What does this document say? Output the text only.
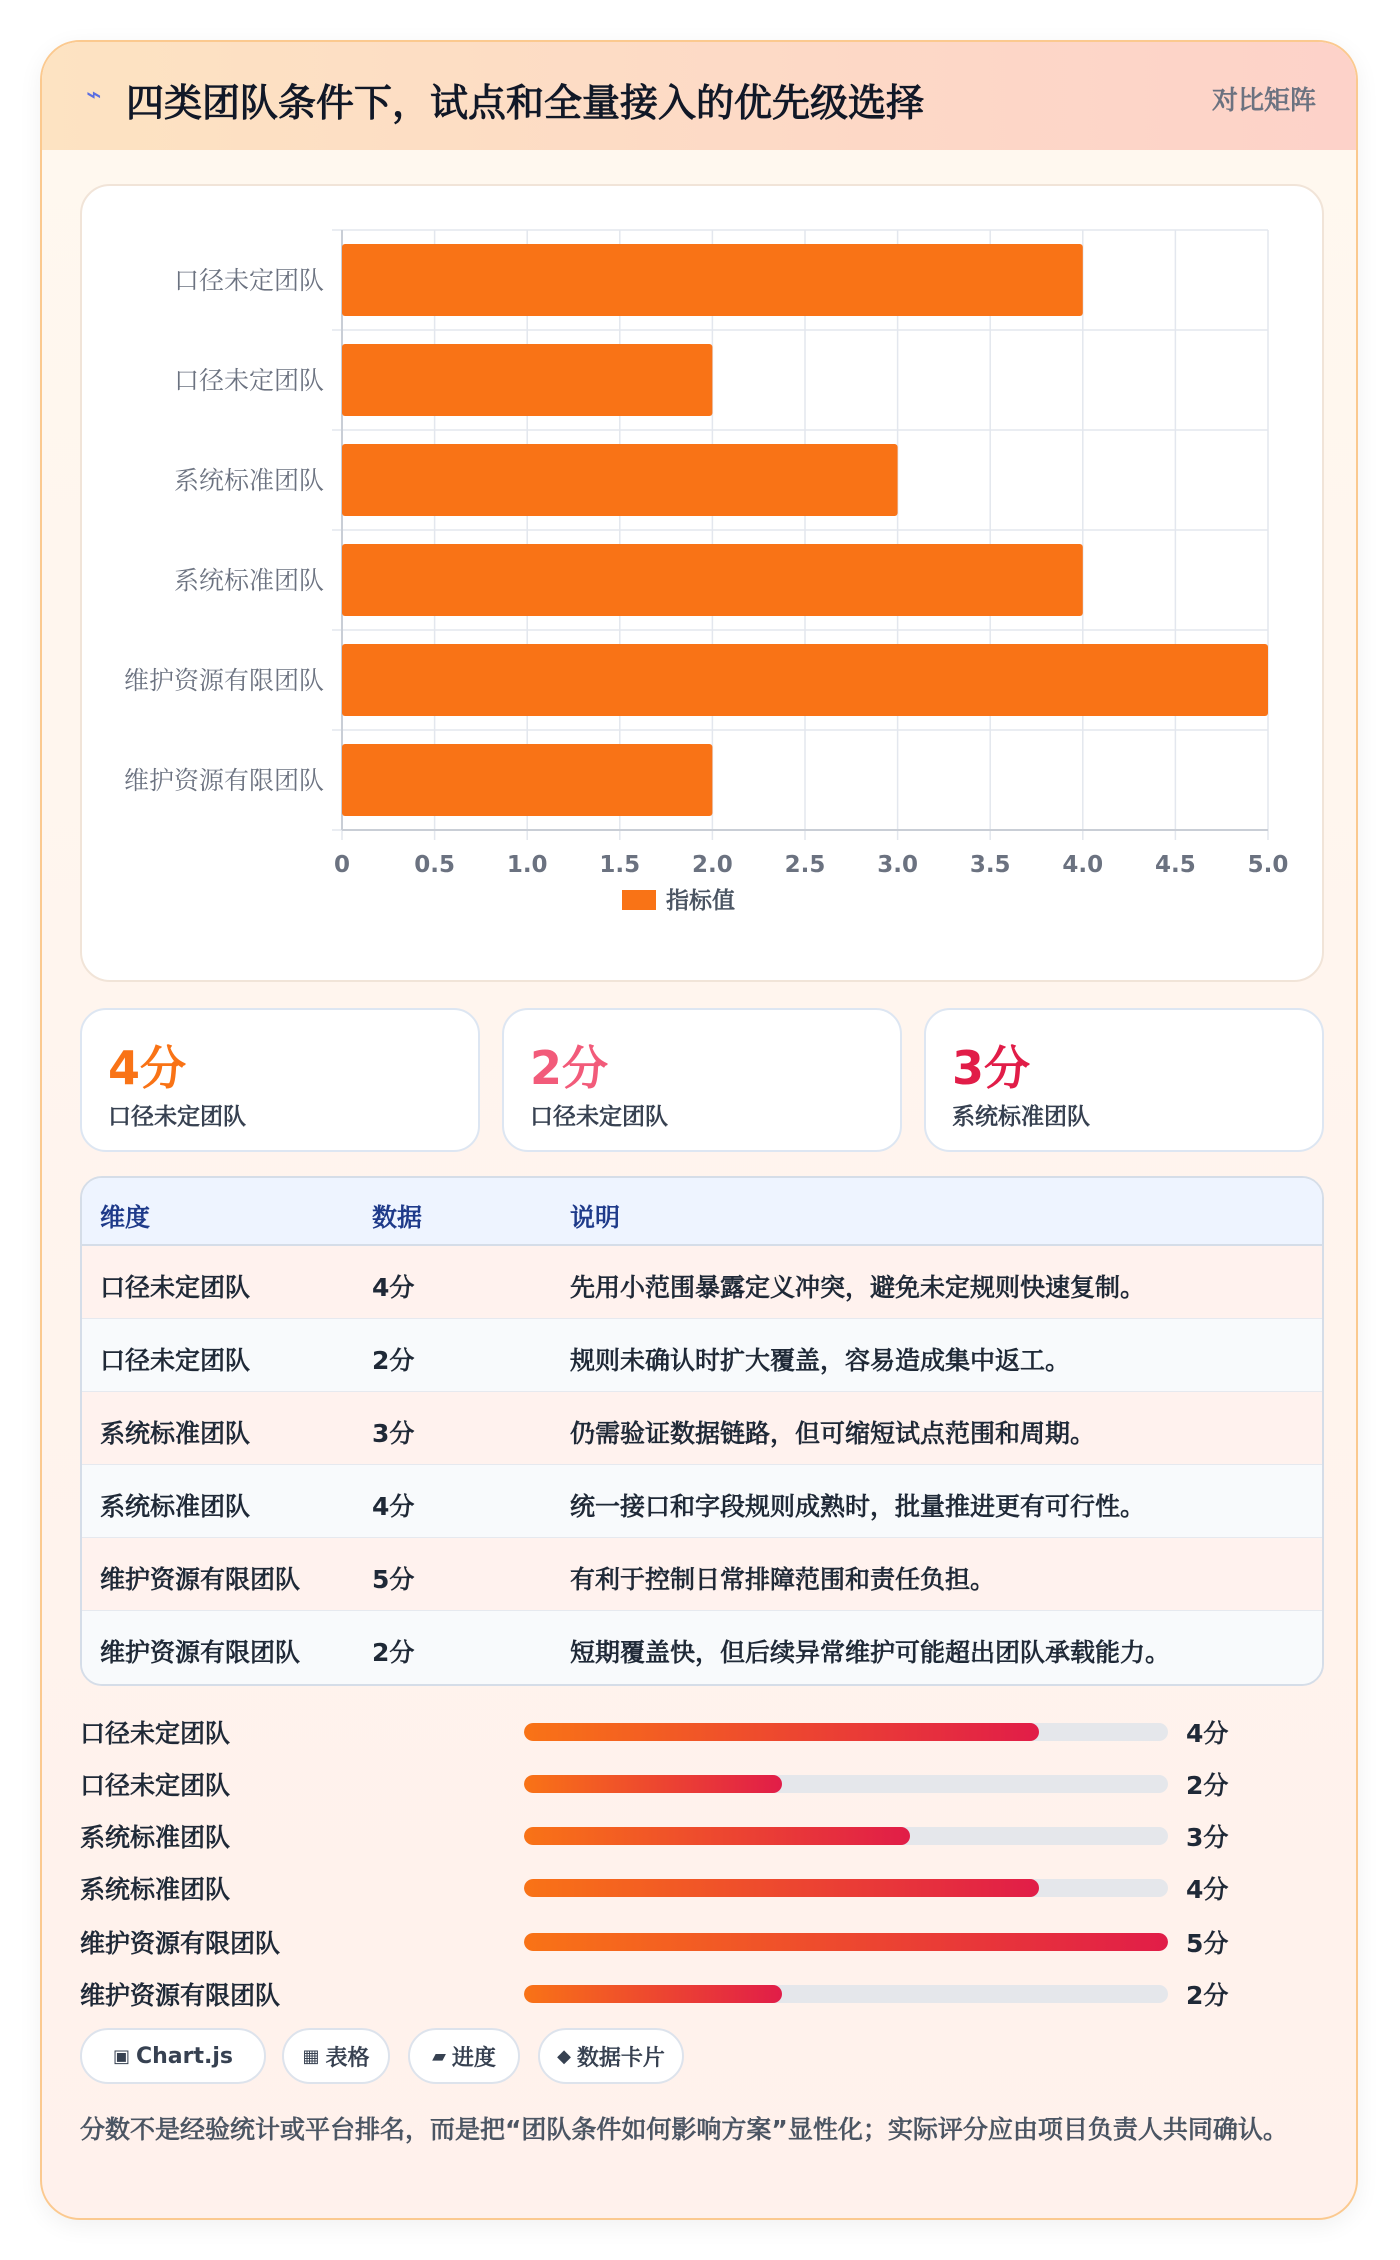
⌁ 四类团队条件下，试点和全量接入的优先级选择	对比矩阵
0	0.5 1.0 1.5 2.0 2.5 3.0 3.5 4.0 4.5 5.0
口径未定团队
口径未定团队
系统标准团队
系统标准团队
维护资源有限团队
维护资源有限团队
指标值
4分
口径未定团队
2分
口径未定团队
3分
系统标准团队
维度	数据	说明
口径未定团队	4分	先用小范围暴露定义冲突，避免未定规则快速复制。
口径未定团队	2分	规则未确认时扩大覆盖，容易造成集中返工。
系统标准团队	3分	仍需验证数据链路，但可缩短试点范围和周期。
系统标准团队	4分	统一接口和字段规则成熟时，批量推进更有可行性。
维护资源有限团队	5分	有利于控制日常排障范围和责任负担。
维护资源有限团队	2分	短期覆盖快，但后续异常维护可能超出团队承载能力。
口径未定团队	4分
口径未定团队	2分
系统标准团队	3分
系统标准团队	4分
维护资源有限团队	5分
维护资源有限团队	2分
▣ Chart.js	▦ 表格	▰ 进度	◆ 数据卡片
分数不是经验统计或平台排名，而是把“团队条件如何影响方案”显性化；实际评分应由项目负责人共同确认。
